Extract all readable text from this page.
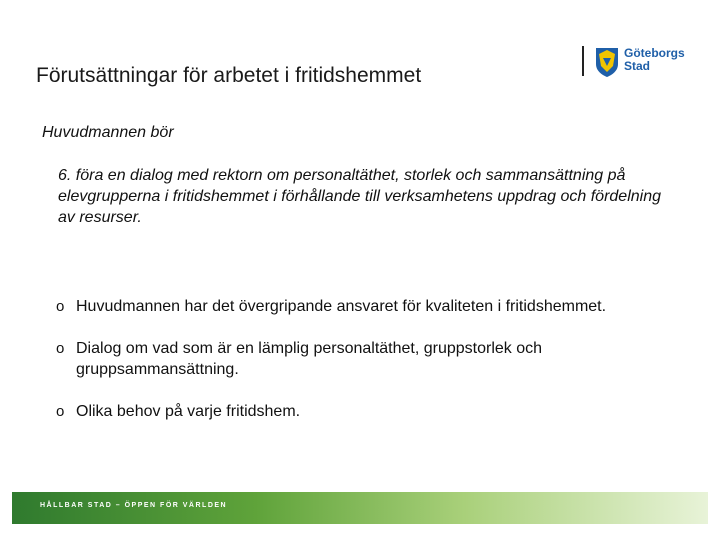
Förutsättningar för arbetet i fritidshemmet
Göteborgs
Stad
Huvudmannen bör
6. föra en dialog med rektorn om personaltäthet, storlek och sammansättning på elevgrupperna i fritidshemmet i förhållande till verksamhetens uppdrag och fördelning av resurser.
o Huvudmannen har det övergripande ansvaret för kvaliteten i fritidshemmet.
o Dialog om vad som är en lämplig personaltäthet, gruppstorlek och gruppsammansättning.
o Olika behov på varje fritidshem.
HÅLLBAR STAD – ÖPPEN FÖR VÄRLDEN
